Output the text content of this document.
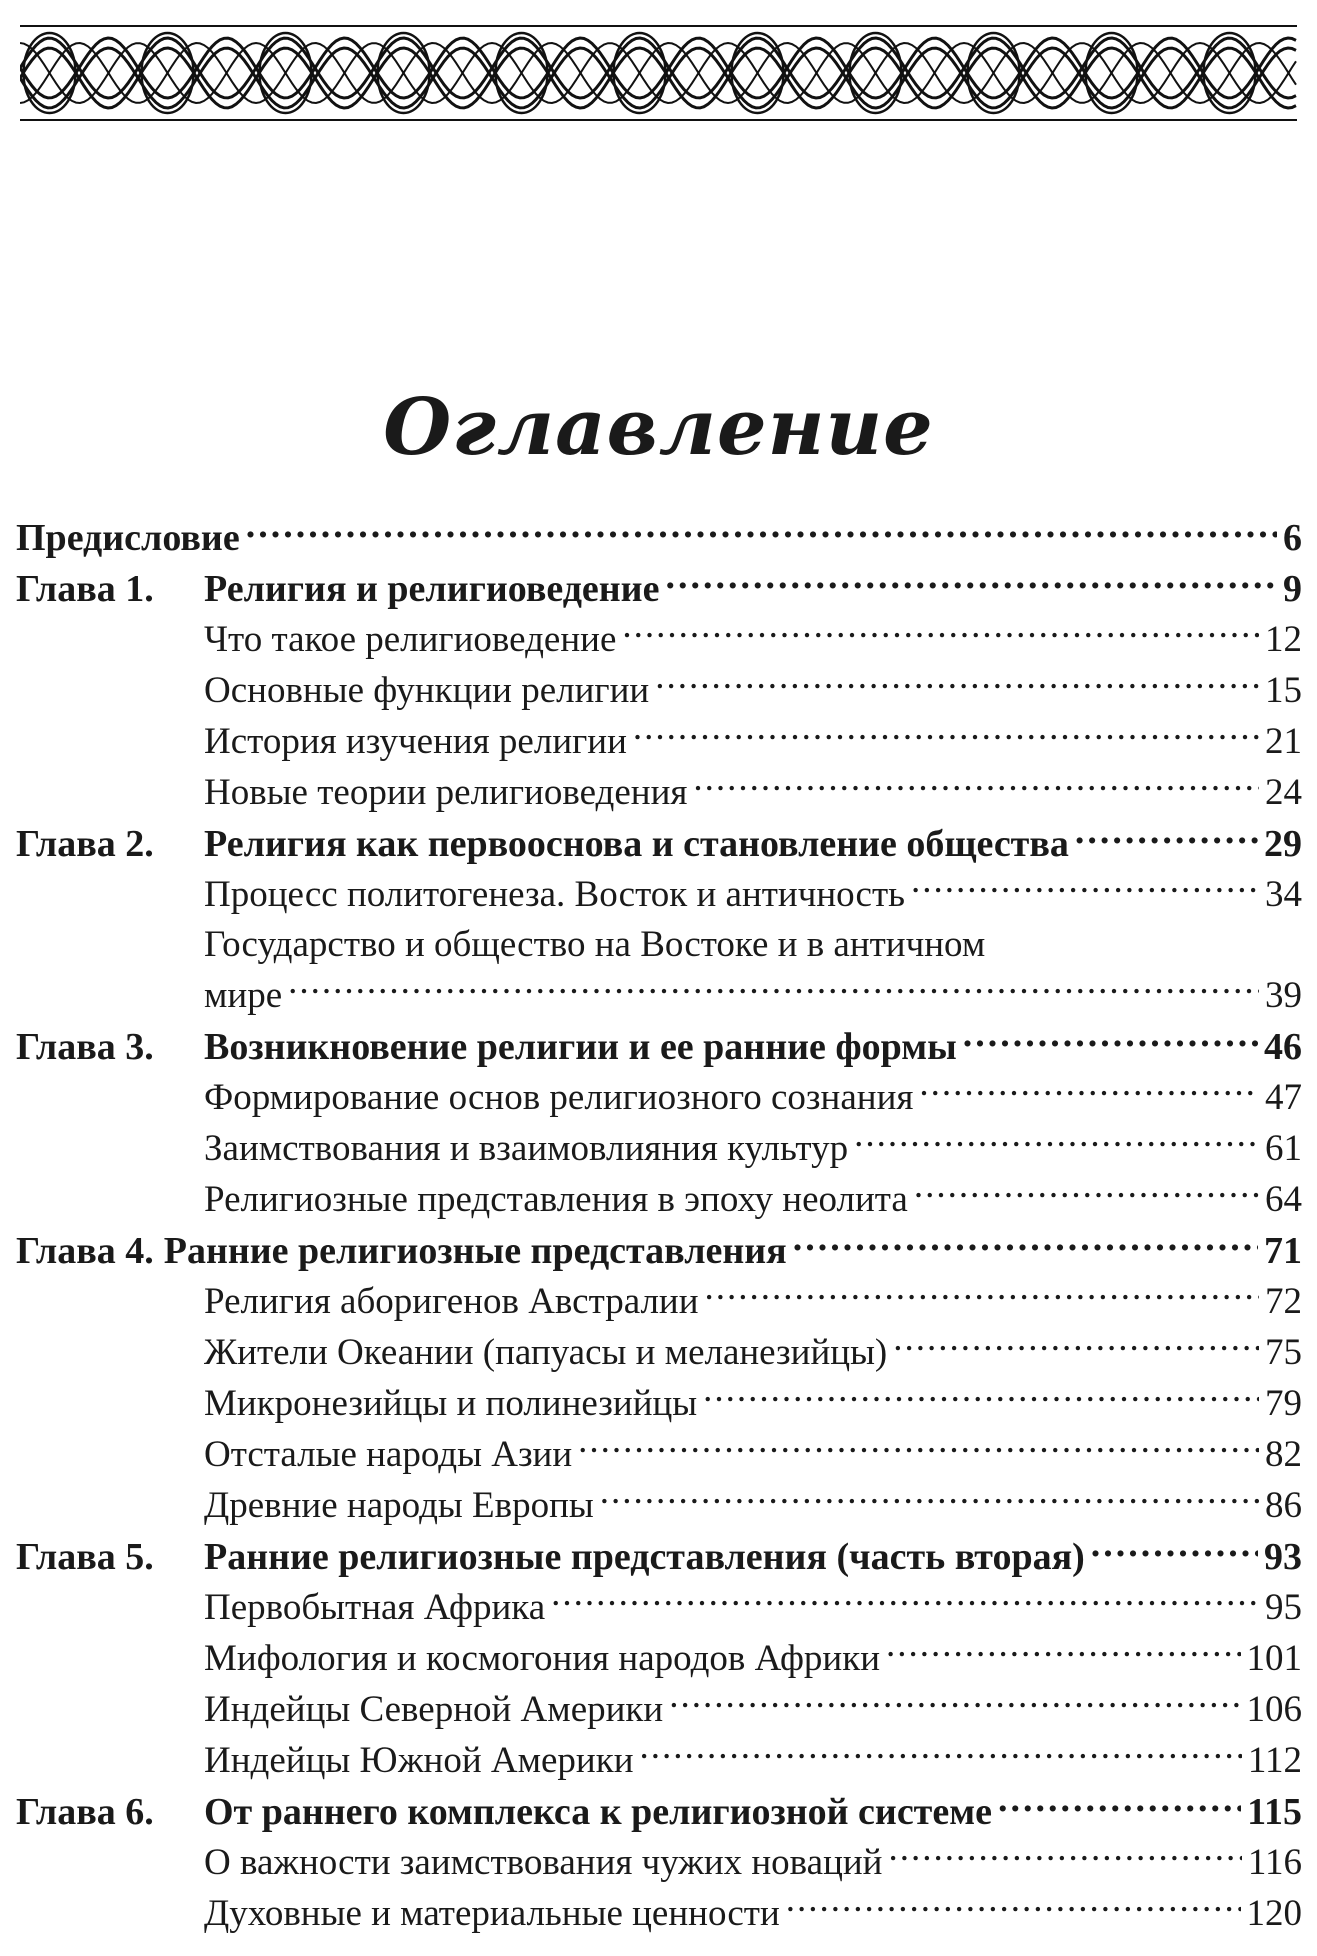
Оглавление
Предисловие .....	6
Глава 1. Религия и религиоведение .....	9
Что такое религиоведение .....	12
Основные функции религии .....	15
История изучения религии .....	21
Новые теории религиоведения .....	24
Глава 2. Религия как первооснова и становление общества .....	29
Процесс политогенеза. Восток и античность .....	34
Государство и общество на Востоке и в античном
мире .....	39
Глава 3. Возникновение религии и ее ранние формы .....	46
Формирование основ религиозного сознания .....	47
Заимствования и взаимовлияния культур .....	61
Религиозные представления в эпоху неолита .....	64
Глава 4. Ранние религиозные представления .....	71
Религия аборигенов Австралии .....	72
Жители Океании (папуасы и меланезийцы) .....	75
Микронезийцы и полинезийцы .....	79
Отсталые народы Азии .....	82
Древние народы Европы .....	86
Глава 5. Ранние религиозные представления (часть вторая) .....	93
Первобытная Африка .....	95
Мифология и космогония народов Африки .....	101
Индейцы Северной Америки .....	106
Индейцы Южной Америки .....	112
Глава 6. От раннего комплекса к религиозной системе .....	115
О важности заимствования чужих новаций .....	116
Духовные и материальные ценности .....	120
